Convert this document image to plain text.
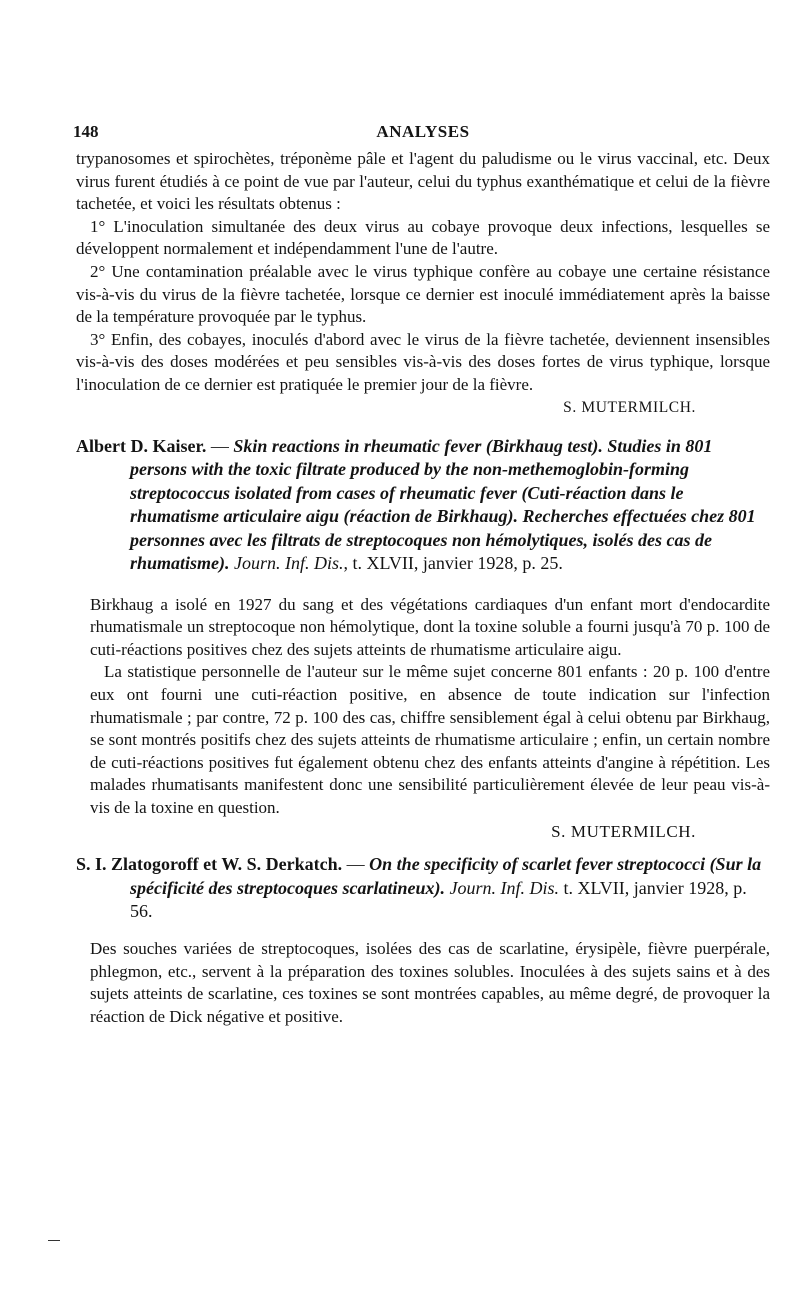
148	ANALYSES

trypanosomes et spirochètes, tréponème pâle et l'agent du paludisme ou le virus vaccinal, etc. Deux virus furent étudiés à ce point de vue par l'auteur, celui du typhus exanthématique et celui de la fièvre tachetée, et voici les résultats obtenus :

1° L'inoculation simultanée des deux virus au cobaye provoque deux infections, lesquelles se développent normalement et indépendamment l'une de l'autre.

2° Une contamination préalable avec le virus typhique confère au cobaye une certaine résistance vis-à-vis du virus de la fièvre tachetée, lorsque ce dernier est inoculé immédiatement après la baisse de la température provoquée par le typhus.

3° Enfin, des cobayes, inoculés d'abord avec le virus de la fièvre tachetée, deviennent insensibles vis-à-vis des doses modérées et peu sensibles vis-à-vis des doses fortes de virus typhique, lorsque l'inoculation de ce dernier est pratiquée le premier jour de la fièvre.

S. MUTERMILCH.

Albert D. Kaiser. — Skin reactions in rheumatic fever (Birkhaug test). Studies in 801 persons with the toxic filtrate produced by the non-methemoglobin-forming streptococcus isolated from cases of rheumatic fever (Cuti-réaction dans le rhumatisme articulaire aigu (réaction de Birkhaug). Recherches effectuées chez 801 personnes avec les filtrats de streptocoques non hémolytiques, isolés des cas de rhumatisme). Journ. Inf. Dis., t. XLVII, janvier 1928, p. 25.

Birkhaug a isolé en 1927 du sang et des végétations cardiaques d'un enfant mort d'endocardite rhumatismale un streptocoque non hémolytique, dont la toxine soluble a fourni jusqu'à 70 p. 100 de cuti-réactions positives chez des sujets atteints de rhumatisme articulaire aigu.

La statistique personnelle de l'auteur sur le même sujet concerne 801 enfants : 20 p. 100 d'entre eux ont fourni une cuti-réaction positive, en absence de toute indication sur l'infection rhumatismale ; par contre, 72 p. 100 des cas, chiffre sensiblement égal à celui obtenu par Birkhaug, se sont montrés positifs chez des sujets atteints de rhumatisme articulaire ; enfin, un certain nombre de cuti-réactions positives fut également obtenu chez des enfants atteints d'angine à répétition. Les malades rhumatisants manifestent donc une sensibilité particulièrement élevée de leur peau vis-à-vis de la toxine en question.

S. MUTERMILCH.

S. I. Zlatogoroff et W. S. Derkatch. — On the specificity of scarlet fever streptococci (Sur la spécificité des streptocoques scarlatineux). Journ. Inf. Dis. t. XLVII, janvier 1928, p. 56.

Des souches variées de streptocoques, isolées des cas de scarlatine, érysipèle, fièvre puerpérale, phlegmon, etc., servent à la préparation des toxines solubles. Inoculées à des sujets sains et à des sujets atteints de scarlatine, ces toxines se sont montrées capables, au même degré, de provoquer la réaction de Dick négative et positive.
